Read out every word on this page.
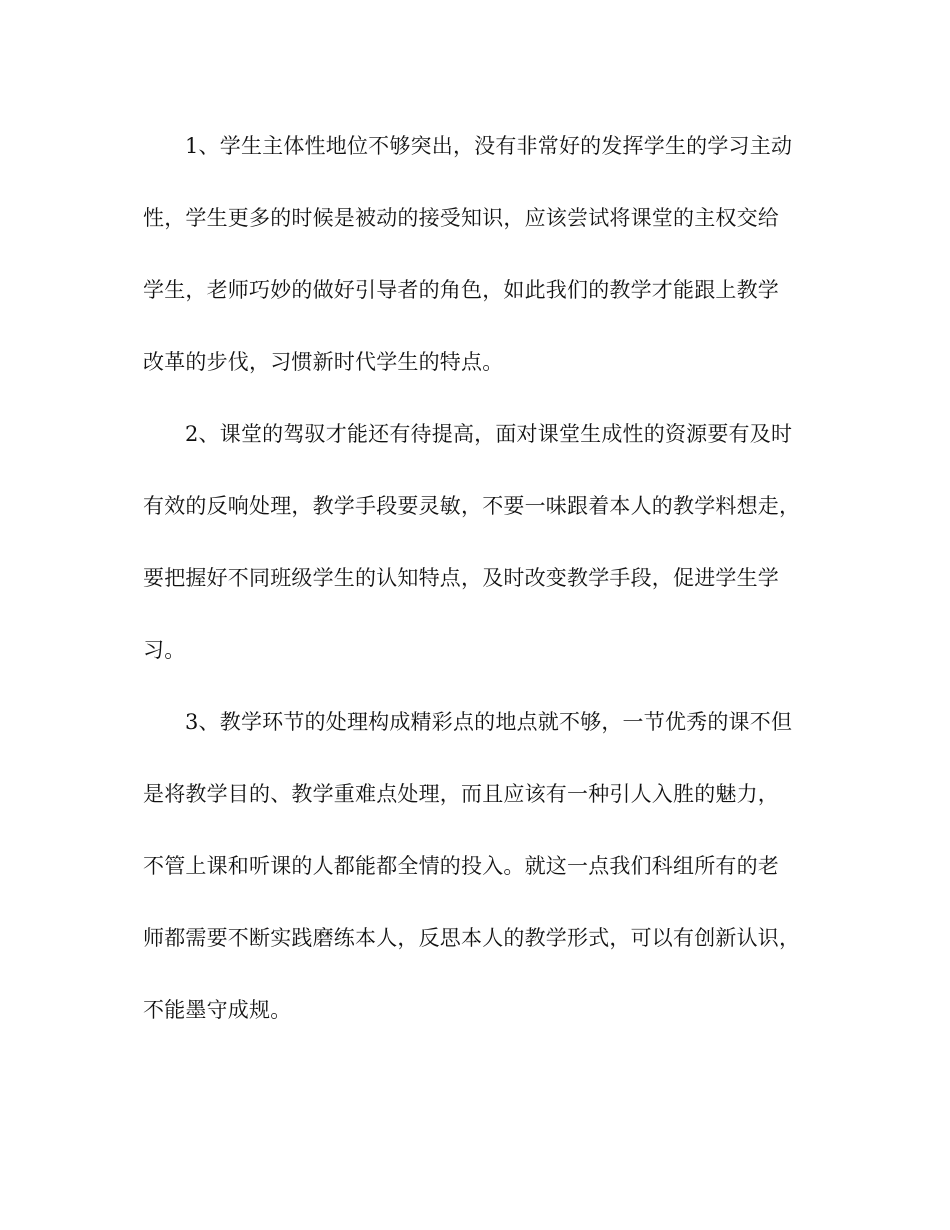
1、学生主体性地位不够突出，没有非常好的发挥学生的学习主动
性，学生更多的时候是被动的接受知识，应该尝试将课堂的主权交给
学生，老师巧妙的做好引导者的角色，如此我们的教学才能跟上教学
改革的步伐，习惯新时代学生的特点。
2、课堂的驾驭才能还有待提高，面对课堂生成性的资源要有及时
有效的反响处理，教学手段要灵敏，不要一味跟着本人的教学料想走，
要把握好不同班级学生的认知特点，及时改变教学手段，促进学生学
习。
3、教学环节的处理构成精彩点的地点就不够，一节优秀的课不但
是将教学目的、教学重难点处理，而且应该有一种引人入胜的魅力，
不管上课和听课的人都能都全情的投入。就这一点我们科组所有的老
师都需要不断实践磨练本人，反思本人的教学形式，可以有创新认识，
不能墨守成规。
